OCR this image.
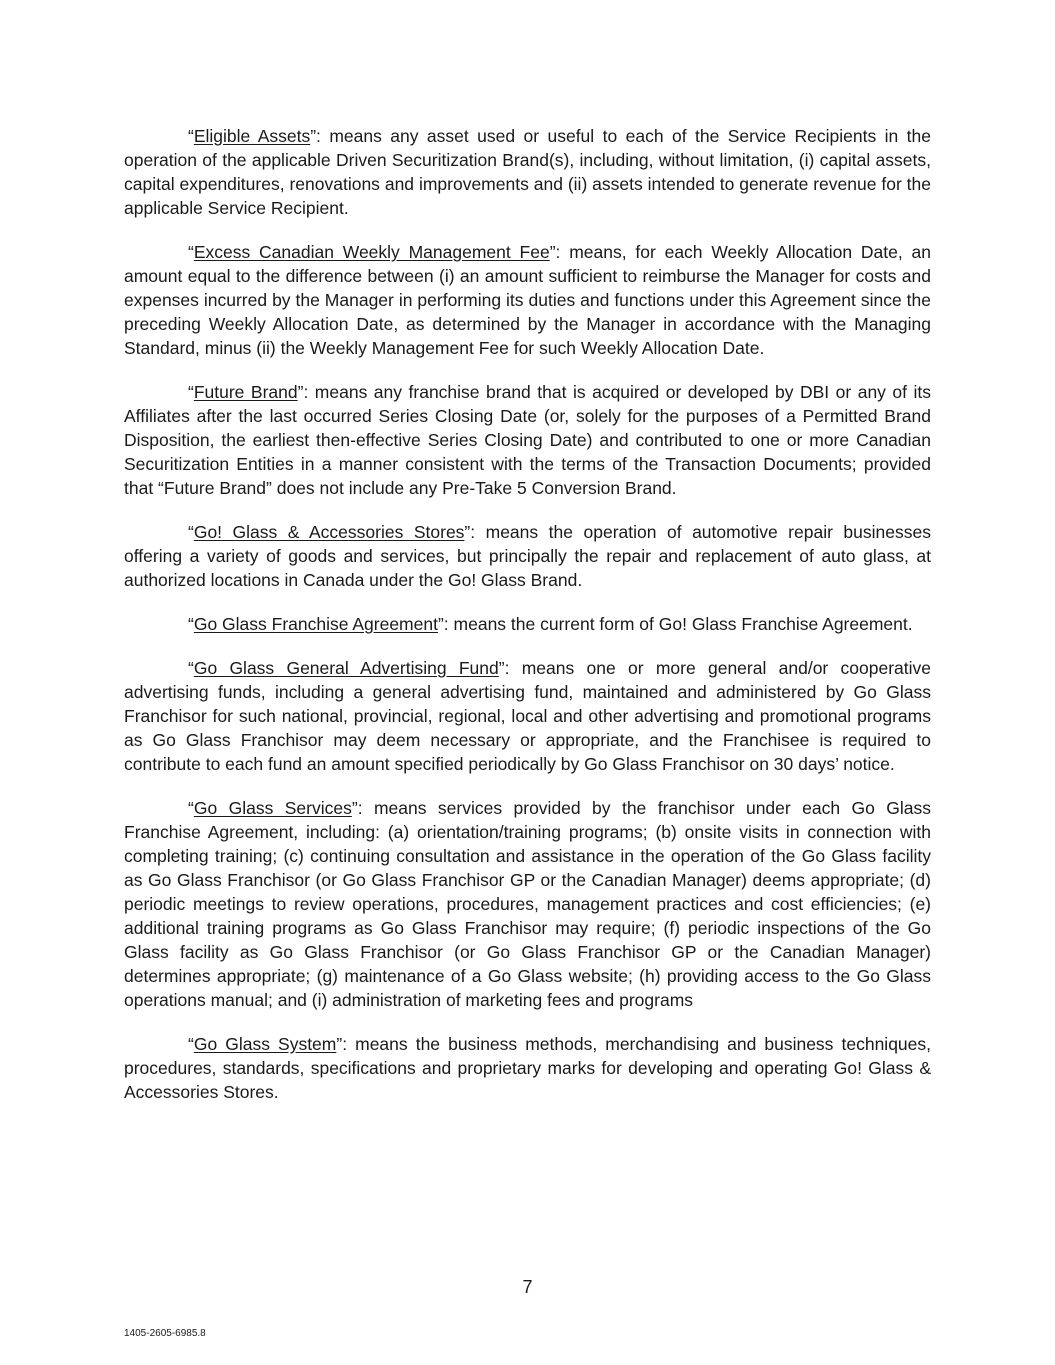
“Eligible Assets”: means any asset used or useful to each of the Service Recipients in the operation of the applicable Driven Securitization Brand(s), including, without limitation, (i) capital assets, capital expenditures, renovations and improvements and (ii) assets intended to generate revenue for the applicable Service Recipient.

“Excess Canadian Weekly Management Fee”: means, for each Weekly Allocation Date, an amount equal to the difference between (i) an amount sufficient to reimburse the Manager for costs and expenses incurred by the Manager in performing its duties and functions under this Agreement since the preceding Weekly Allocation Date, as determined by the Manager in accordance with the Managing Standard, minus (ii) the Weekly Management Fee for such Weekly Allocation Date.

“Future Brand”: means any franchise brand that is acquired or developed by DBI or any of its Affiliates after the last occurred Series Closing Date (or, solely for the purposes of a Permitted Brand Disposition, the earliest then-effective Series Closing Date) and contributed to one or more Canadian Securitization Entities in a manner consistent with the terms of the Transaction Documents; provided that “Future Brand” does not include any Pre-Take 5 Conversion Brand.

“Go! Glass & Accessories Stores”: means the operation of automotive repair businesses offering a variety of goods and services, but principally the repair and replacement of auto glass, at authorized locations in Canada under the Go! Glass Brand.

“Go Glass Franchise Agreement”: means the current form of Go! Glass Franchise Agreement.

“Go Glass General Advertising Fund”: means one or more general and/or cooperative advertising funds, including a general advertising fund, maintained and administered by Go Glass Franchisor for such national, provincial, regional, local and other advertising and promotional programs as Go Glass Franchisor may deem necessary or appropriate, and the Franchisee is required to contribute to each fund an amount specified periodically by Go Glass Franchisor on 30 days’ notice.

“Go Glass Services”: means services provided by the franchisor under each Go Glass Franchise Agreement, including: (a) orientation/training programs; (b) onsite visits in connection with completing training; (c) continuing consultation and assistance in the operation of the Go Glass facility as Go Glass Franchisor (or Go Glass Franchisor GP or the Canadian Manager) deems appropriate; (d) periodic meetings to review operations, procedures, management practices and cost efficiencies; (e) additional training programs as Go Glass Franchisor may require; (f) periodic inspections of the Go Glass facility as Go Glass Franchisor (or Go Glass Franchisor GP or the Canadian Manager) determines appropriate; (g) maintenance of a Go Glass website; (h) providing access to the Go Glass operations manual; and (i) administration of marketing fees and programs

“Go Glass System”: means the business methods, merchandising and business techniques, procedures, standards, specifications and proprietary marks for developing and operating Go! Glass & Accessories Stores.

7
1405-2605-6985.8
